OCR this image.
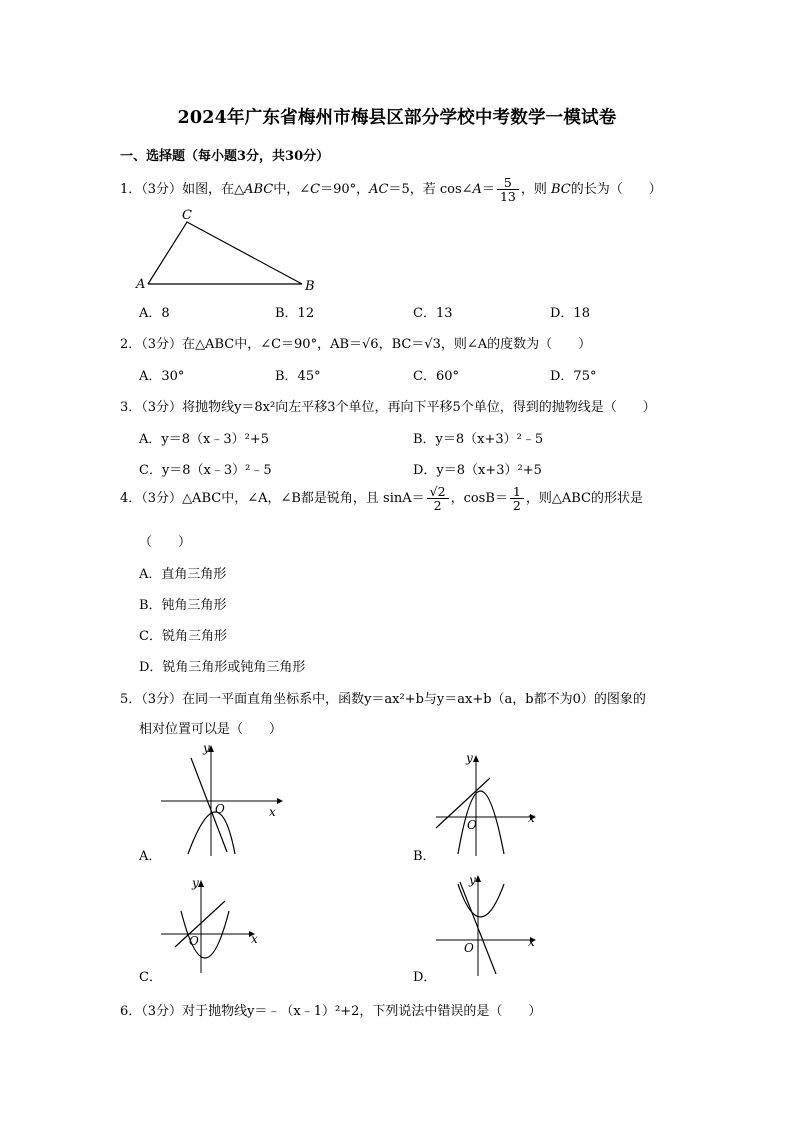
2024年广东省梅州市梅县区部分学校中考数学一模试卷
一、选择题（每小题3分，共30分）
1．（3分）如图，在△ABC中，∠C＝90°，AC＝5，若 cos∠A＝ $\frac{5}{13}$ ，则 BC的长为（　　）
C
A	B
A．8	B．12	C．13	D．18
2．（3分）在△ABC中，∠C＝90°，AB＝√6，BC＝√3，则∠A的度数为（　　）
A．30°	B．45°	C．60°	D．75°
3．（3分）将抛物线y＝8x²向左平移3个单位，再向下平移5个单位，得到的抛物线是（　　）
A．y＝8（x﹣3）²+5	B．y＝8（x+3）²﹣5
C．y＝8（x﹣3）²﹣5	D．y＝8（x+3）²+5
4．（3分）△ABC中，∠A，∠B都是锐角，且 $\sin A= \frac{√2}{2}$ ，$\cos B= \frac{1}{2}$ ，则△ABC的形状是
（　　）
A．直角三角形
B．钝角三角形
C．锐角三角形
D．锐角三角形或钝角三角形
5．（3分）在同一平面直角坐标系中，函数y＝ax²+b与y＝ax+b（a，b都不为0）的图象的
相对位置可以是（　　）
y
x
O
A．
y
x
O
B．
y
x
O
C．
y
x
O
D．
6．（3分）对于抛物线y＝﹣（x﹣1）²+2，下列说法中错误的是（　　）
